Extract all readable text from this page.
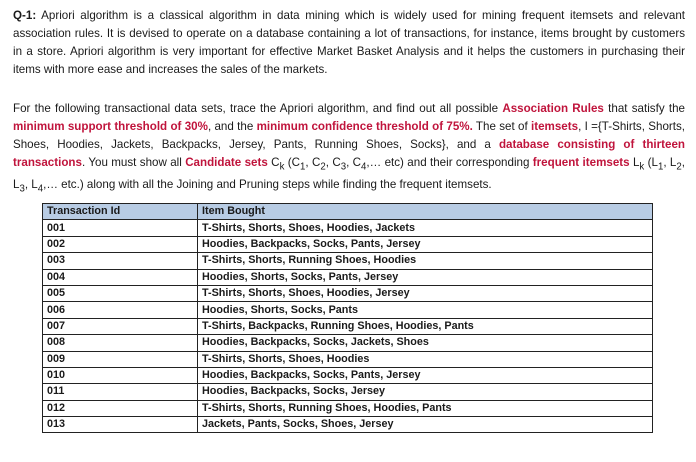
Q-1: Apriori algorithm is a classical algorithm in data mining which is widely used for mining frequent itemsets and relevant association rules. It is devised to operate on a database containing a lot of transactions, for instance, items brought by customers in a store. Apriori algorithm is very important for effective Market Basket Analysis and it helps the customers in purchasing their items with more ease and increases the sales of the markets.

For the following transactional data sets, trace the Apriori algorithm, and find out all possible Association Rules that satisfy the minimum support threshold of 30%, and the minimum confidence threshold of 75%. The set of itemsets, I ={T-Shirts, Shorts, Shoes, Hoodies, Jackets, Backpacks, Jersey, Pants, Running Shoes, Socks}, and a database consisting of thirteen transactions. You must show all Candidate sets $C_k$ ($C_1$, $C_2$, $C_3$, $C_4,\dots$ etc) and their corresponding frequent itemsets $L_k$ ($L_1$, $L_2$, $L_3$, $L_4,\dots$ etc.) along with all the Joining and Pruning steps while finding the frequent itemsets.

Transaction Id	Item Bought
001	T-Shirts, Shorts, Shoes, Hoodies, Jackets
002	Hoodies, Backpacks, Socks, Pants, Jersey
003	T-Shirts, Shorts, Running Shoes, Hoodies
004	Hoodies, Shorts, Socks, Pants, Jersey
005	T-Shirts, Shorts, Shoes, Hoodies, Jersey
006	Hoodies, Shorts, Socks, Pants
007	T-Shirts, Backpacks, Running Shoes, Hoodies, Pants
008	Hoodies, Backpacks, Socks, Jackets, Shoes
009	T-Shirts, Shorts, Shoes, Hoodies
010	Hoodies, Backpacks, Socks, Pants, Jersey
011	Hoodies, Backpacks, Socks, Jersey
012	T-Shirts, Shorts, Running Shoes, Hoodies, Pants
013	Jackets, Pants, Socks, Shoes, Jersey
